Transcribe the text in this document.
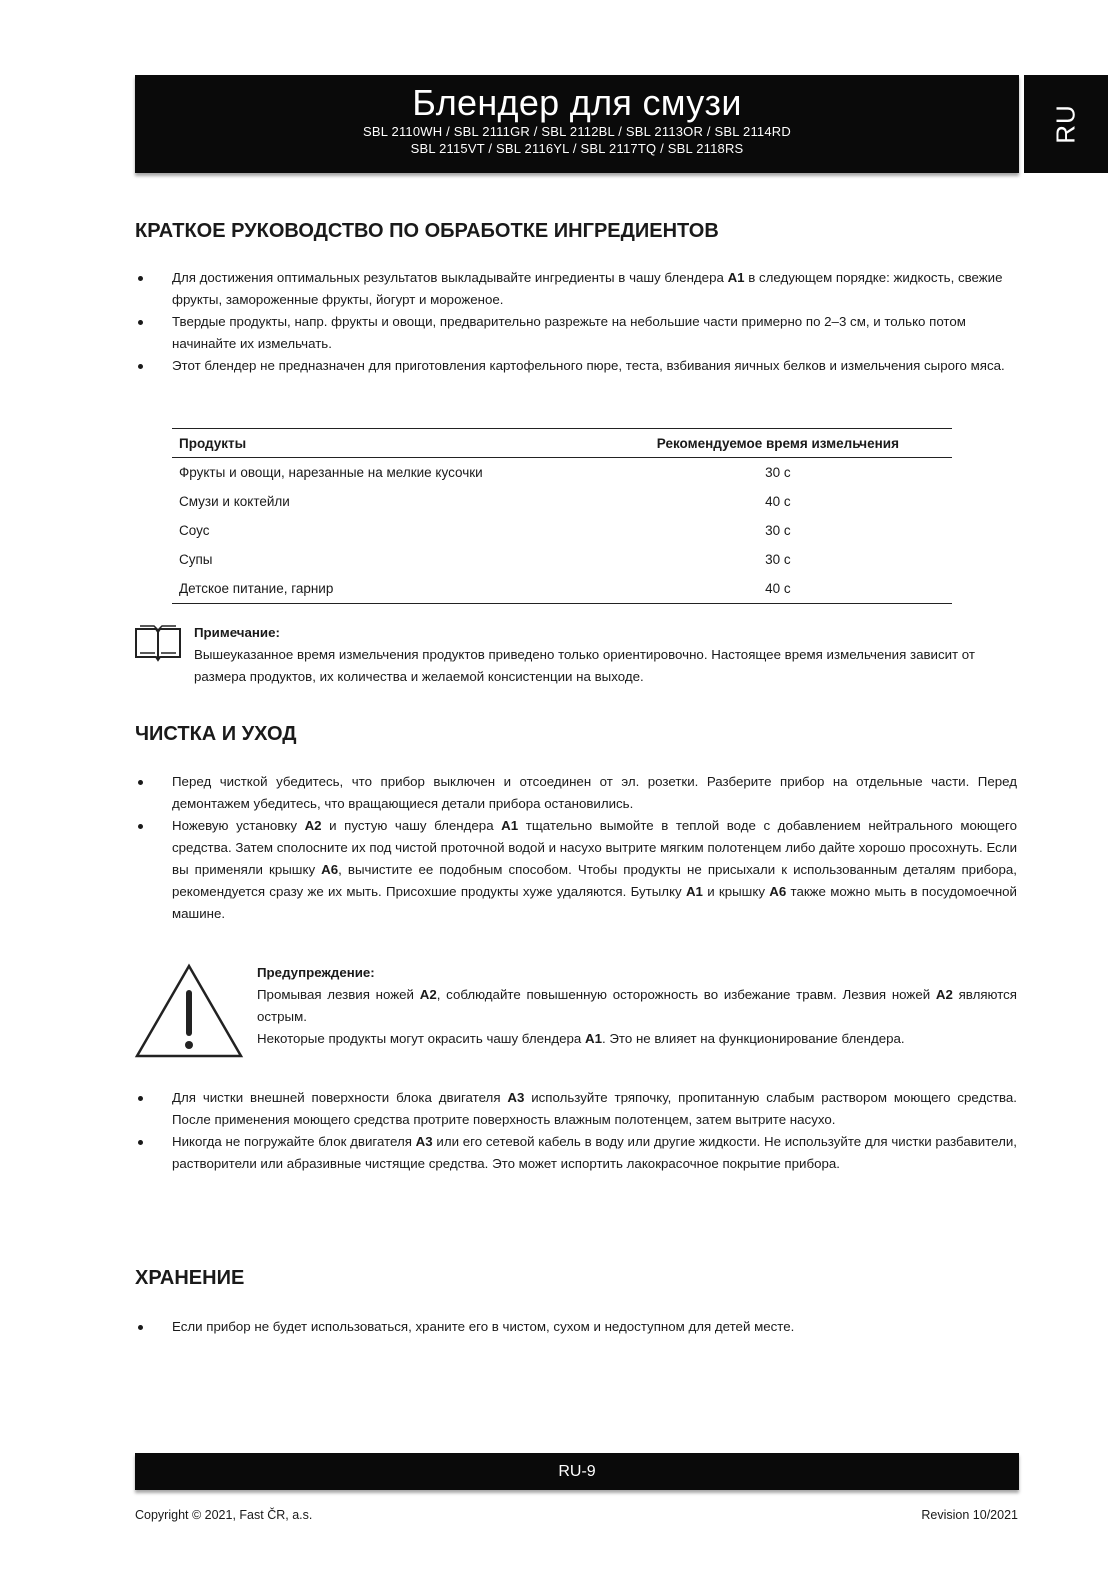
Блендер для смузи
SBL 2110WH / SBL 2111GR / SBL 2112BL / SBL 2113OR / SBL 2114RD
SBL 2115VT / SBL 2116YL / SBL 2117TQ / SBL 2118RS
RU
КРАТКОЕ РУКОВОДСТВО ПО ОБРАБОТКЕ ИНГРЕДИЕНТОВ
Для достижения оптимальных результатов выкладывайте ингредиенты в чашу блендера A1 в следующем порядке: жидкость, свежие фрукты, замороженные фрукты, йогурт и мороженое.
Твердые продукты, напр. фрукты и овощи, предварительно разрежьте на небольшие части примерно по 2–3 см, и только потом начинайте их измельчать.
Этот блендер не предназначен для приготовления картофельного пюре, теста, взбивания яичных белков и измельчения сырого мяса.
Продукты	Рекомендуемое время измельчения
Фрукты и овощи, нарезанные на мелкие кусочки	30 с
Смузи и коктейли	40 с
Соус	30 с
Супы	30 с
Детское питание, гарнир	40 с
Примечание:
Вышеуказанное время измельчения продуктов приведено только ориентировочно. Настоящее время измельчения зависит от размера продуктов, их количества и желаемой консистенции на выходе.
ЧИСТКА И УХОД
Перед чисткой убедитесь, что прибор выключен и отсоединен от эл. розетки. Разберите прибор на отдельные части. Перед демонтажем убедитесь, что вращающиеся детали прибора остановились.
Ножевую установку A2 и пустую чашу блендера A1 тщательно вымойте в теплой воде с добавлением нейтрального моющего средства. Затем сполосните их под чистой проточной водой и насухо вытрите мягким полотенцем либо дайте хорошо просохнуть. Если вы применяли крышку A6, вычистите ее подобным способом. Чтобы продукты не присыхали к использованным деталям прибора, рекомендуется сразу же их мыть. Присохшие продукты хуже удаляются. Бутылку A1 и крышку A6 также можно мыть в посудомоечной машине.
Предупреждение:
Промывая лезвия ножей A2, соблюдайте повышенную осторожность во избежание травм. Лезвия ножей A2 являются острым.
Некоторые продукты могут окрасить чашу блендера A1. Это не влияет на функционирование блендера.
Для чистки внешней поверхности блока двигателя A3 используйте тряпочку, пропитанную слабым раствором моющего средства. После применения моющего средства протрите поверхность влажным полотенцем, затем вытрите насухо.
Никогда не погружайте блок двигателя A3 или его сетевой кабель в воду или другие жидкости. Не используйте для чистки разбавители, растворители или абразивные чистящие средства. Это может испортить лакокрасочное покрытие прибора.
ХРАНЕНИЕ
Если прибор не будет использоваться, храните его в чистом, сухом и недоступном для детей месте.
RU-9
Copyright © 2021, Fast ČR, a.s.	Revision 10/2021
